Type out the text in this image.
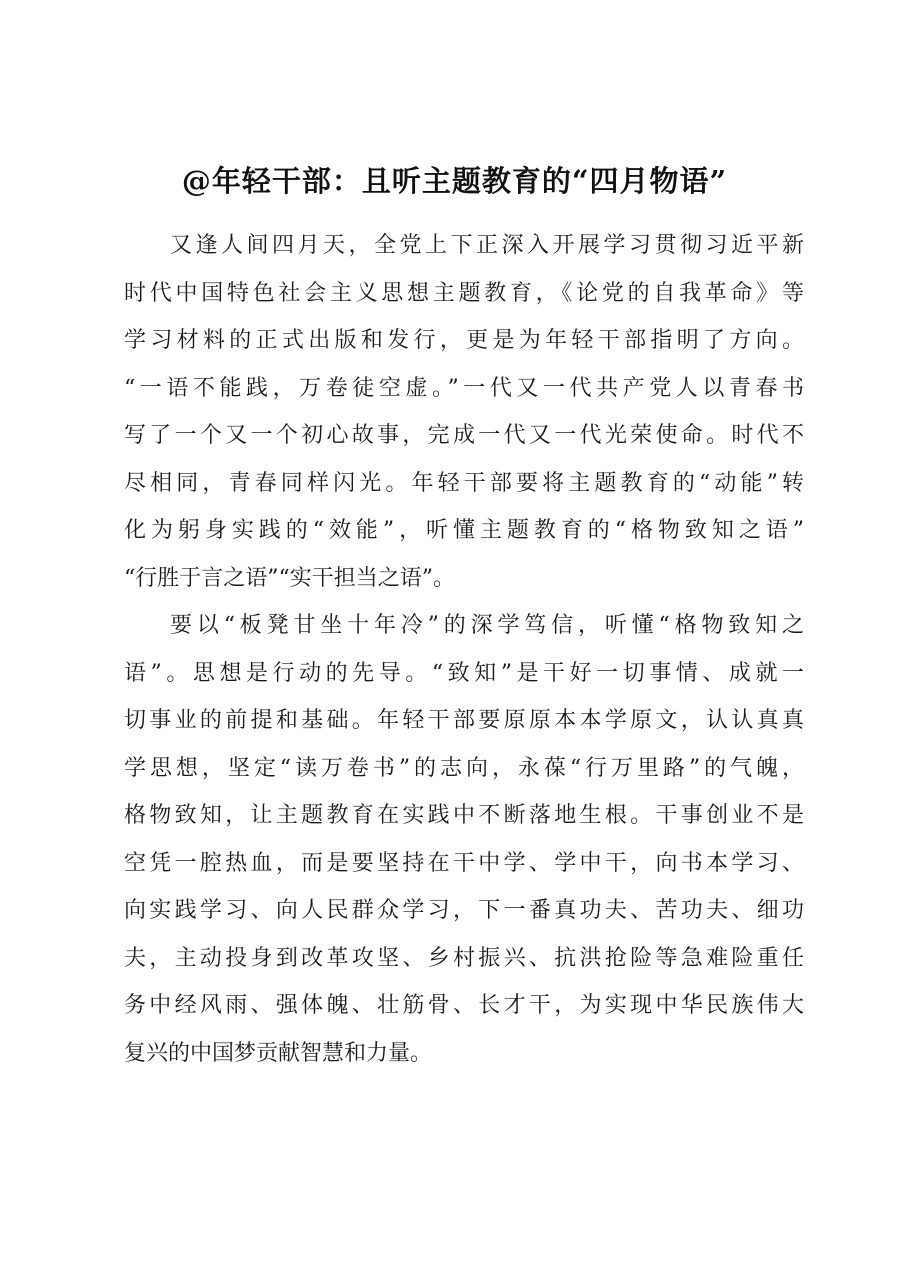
@年轻干部：且听主题教育的“四月物语”

又逢人间四月天，全党上下正深入开展学习贯彻习近平新
时代中国特色社会主义思想主题教育，《论党的自我革命》等
学习材料的正式出版和发行，更是为年轻干部指明了方向。
“一语不能践，万卷徒空虚。”一代又一代共产党人以青春书
写了一个又一个初心故事，完成一代又一代光荣使命。时代不
尽相同，青春同样闪光。年轻干部要将主题教育的“动能”转
化为躬身实践的“效能”，听懂主题教育的“格物致知之语”
“行胜于言之语”“实干担当之语”。

要以“板凳甘坐十年冷”的深学笃信，听懂“格物致知之
语”。思想是行动的先导。“致知”是干好一切事情、成就一
切事业的前提和基础。年轻干部要原原本本学原文，认认真真
学思想，坚定“读万卷书”的志向，永葆“行万里路”的气魄，
格物致知，让主题教育在实践中不断落地生根。干事创业不是
空凭一腔热血，而是要坚持在干中学、学中干，向书本学习、
向实践学习、向人民群众学习，下一番真功夫、苦功夫、细功
夫，主动投身到改革攻坚、乡村振兴、抗洪抢险等急难险重任
务中经风雨、强体魄、壮筋骨、长才干，为实现中华民族伟大
复兴的中国梦贡献智慧和力量。
